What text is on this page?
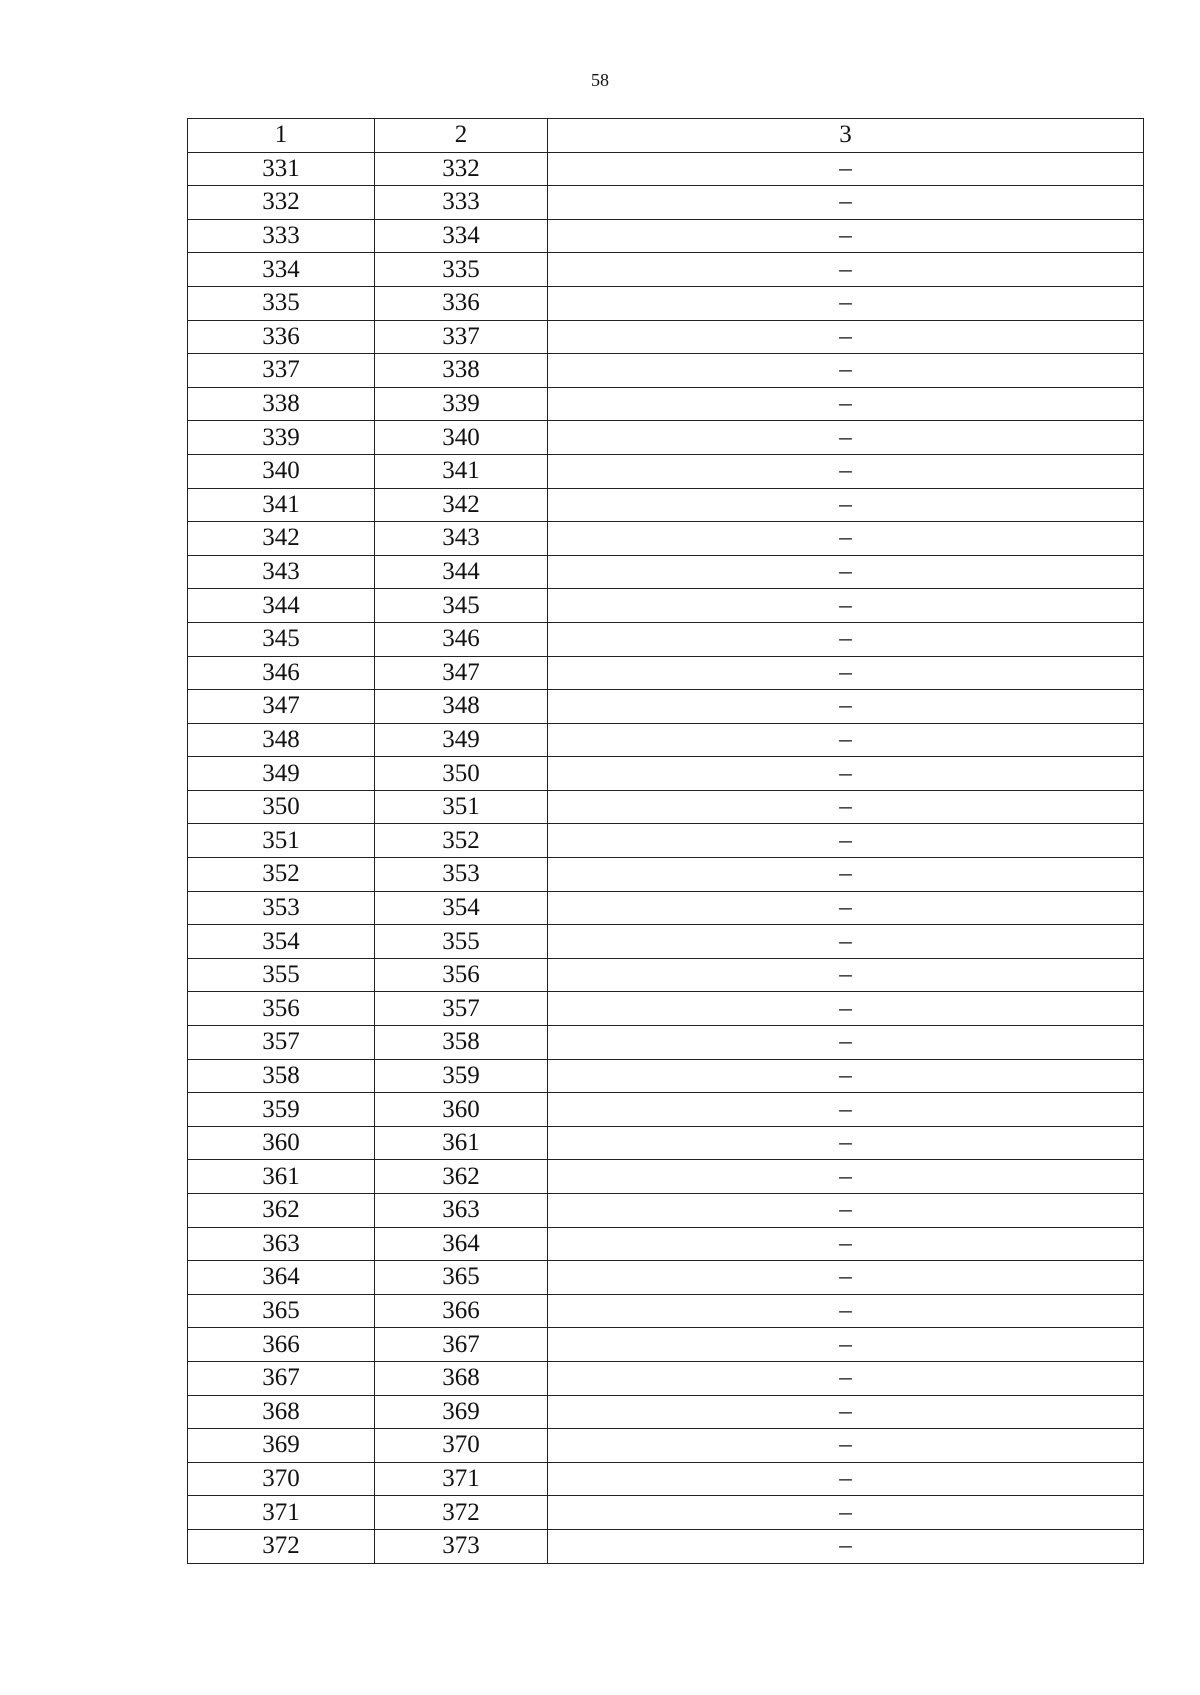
58
1	2	3
331	332	–
332	333	–
333	334	–
334	335	–
335	336	–
336	337	–
337	338	–
338	339	–
339	340	–
340	341	–
341	342	–
342	343	–
343	344	–
344	345	–
345	346	–
346	347	–
347	348	–
348	349	–
349	350	–
350	351	–
351	352	–
352	353	–
353	354	–
354	355	–
355	356	–
356	357	–
357	358	–
358	359	–
359	360	–
360	361	–
361	362	–
362	363	–
363	364	–
364	365	–
365	366	–
366	367	–
367	368	–
368	369	–
369	370	–
370	371	–
371	372	–
372	373	–
